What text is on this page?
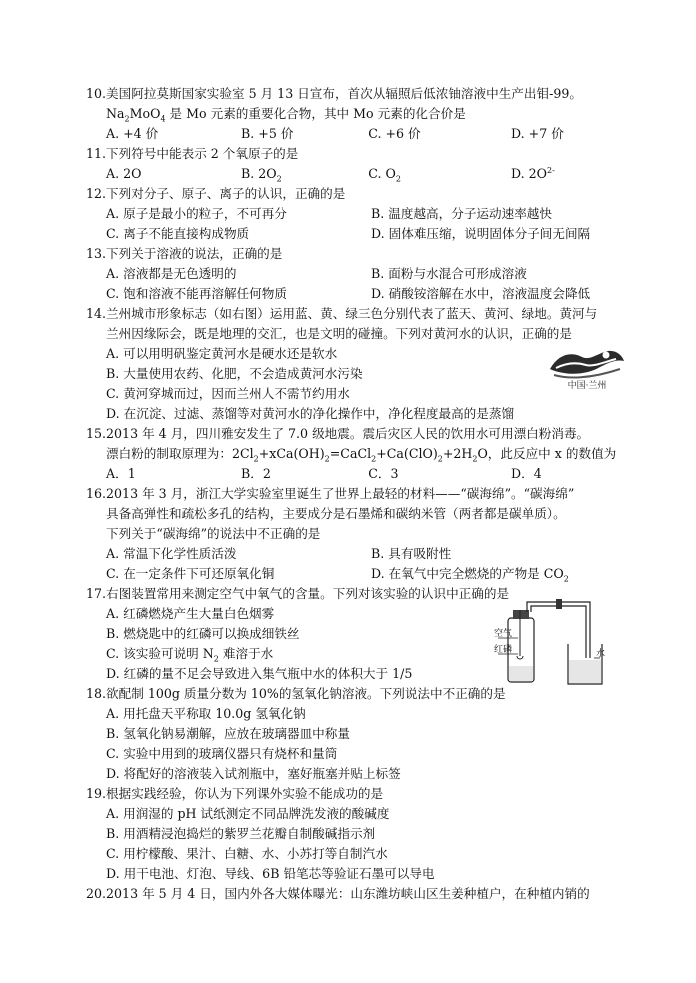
10.美国阿拉莫斯国家实验室 5 月 13 日宣布，首次从辐照后低浓铀溶液中生产出钼-99。
$Na_2MoO_4$ 是 Mo 元素的重要化合物，其中 Mo 元素的化合价是
A. +4 价	B. +5 价	C. +6 价	D. +7 价
11.下列符号中能表示 2 个氧原子的是
A. 2O	B. $2O_2$	C. $O_2$	D. $2O^{2-}$
12.下列对分子、原子、离子的认识，正确的是
A. 原子是最小的粒子，不可再分	B. 温度越高，分子运动速率越快
C. 离子不能直接构成物质	D. 固体难压缩，说明固体分子间无间隔
13.下列关于溶液的说法，正确的是
A. 溶液都是无色透明的	B. 面粉与水混合可形成溶液
C. 饱和溶液不能再溶解任何物质	D. 硝酸铵溶解在水中，溶液温度会降低
14.兰州城市形象标志（如右图）运用蓝、黄、绿三色分别代表了蓝天、黄河、绿地。黄河与
兰州因缘际会，既是地理的交汇，也是文明的碰撞。下列对黄河水的认识，正确的是
A. 可以用明矾鉴定黄河水是硬水还是软水
B. 大量使用农药、化肥，不会造成黄河水污染
C. 黄河穿城而过，因而兰州人不需节约用水
D. 在沉淀、过滤、蒸馏等对黄河水的净化操作中，净化程度最高的是蒸馏
中国·兰州
15.2013 年 4 月，四川雅安发生了 7.0 级地震。震后灾区人民的饮用水可用漂白粉消毒。
漂白粉的制取原理为：$2Cl_2+xCa(OH)_2=CaCl_2+Ca(ClO)_2+2H_2O$，此反应中 x 的数值为
A．1	B．2	C．3	D．4
16.2013 年 3 月，浙江大学实验室里诞生了世界上最轻的材料——“碳海绵”。“碳海绵”
具备高弹性和疏松多孔的结构，主要成分是石墨烯和碳纳米管（两者都是碳单质）。
下列关于“碳海绵”的说法中不正确的是
A. 常温下化学性质活泼	B. 具有吸附性
C. 在一定条件下可还原氧化铜	D. 在氧气中完全燃烧的产物是 $CO_2$
17.右图装置常用来测定空气中氧气的含量。下列对该实验的认识中正确的是
A. 红磷燃烧产生大量白色烟雾
B. 燃烧匙中的红磷可以换成细铁丝
C. 该实验可说明 $N_2$ 难溶于水
D. 红磷的量不足会导致进入集气瓶中水的体积大于 1/5
空气
红磷	水
18.欲配制 100g 质量分数为 10%的氢氧化钠溶液。下列说法中不正确的是
A. 用托盘天平称取 10.0g 氢氧化钠
B. 氢氧化钠易潮解，应放在玻璃器皿中称量
C. 实验中用到的玻璃仪器只有烧杯和量筒
D. 将配好的溶液装入试剂瓶中，塞好瓶塞并贴上标签
19.根据实践经验，你认为下列课外实验不能成功的是
A. 用润湿的 pH 试纸测定不同品牌洗发液的酸碱度
B. 用酒精浸泡捣烂的紫罗兰花瓣自制酸碱指示剂
C. 用柠檬酸、果汁、白糖、水、小苏打等自制汽水
D. 用干电池、灯泡、导线、6B 铅笔芯等验证石墨可以导电
20.2013 年 5 月 4 日，国内外各大媒体曝光：山东潍坊峡山区生姜种植户，在种植内销的
